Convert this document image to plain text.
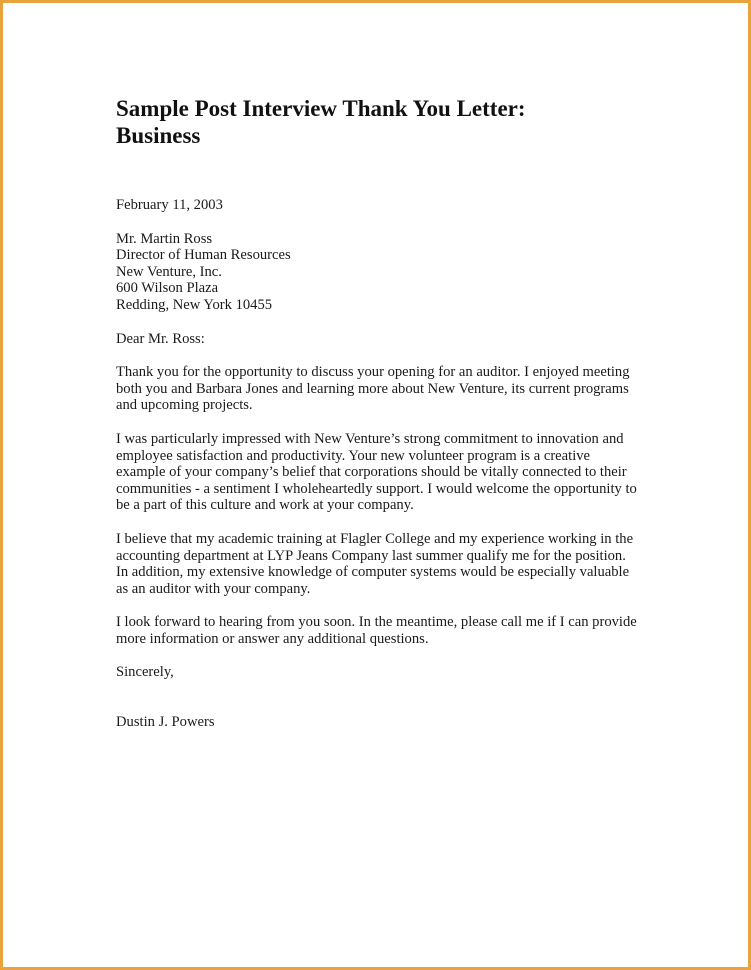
Sample Post Interview Thank You Letter:
Business
February 11, 2003
Mr. Martin Ross
Director of Human Resources
New Venture, Inc.
600 Wilson Plaza
Redding, New York 10455
Dear Mr. Ross:
Thank you for the opportunity to discuss your opening for an auditor. I enjoyed meeting
both you and Barbara Jones and learning more about New Venture, its current programs
and upcoming projects.
I was particularly impressed with New Venture’s strong commitment to innovation and
employee satisfaction and productivity. Your new volunteer program is a creative
example of your company’s belief that corporations should be vitally connected to their
communities - a sentiment I wholeheartedly support. I would welcome the opportunity to
be a part of this culture and work at your company.
I believe that my academic training at Flagler College and my experience working in the
accounting department at LYP Jeans Company last summer qualify me for the position.
In addition, my extensive knowledge of computer systems would be especially valuable
as an auditor with your company.
I look forward to hearing from you soon. In the meantime, please call me if I can provide
more information or answer any additional questions.
Sincerely,
Dustin J. Powers
